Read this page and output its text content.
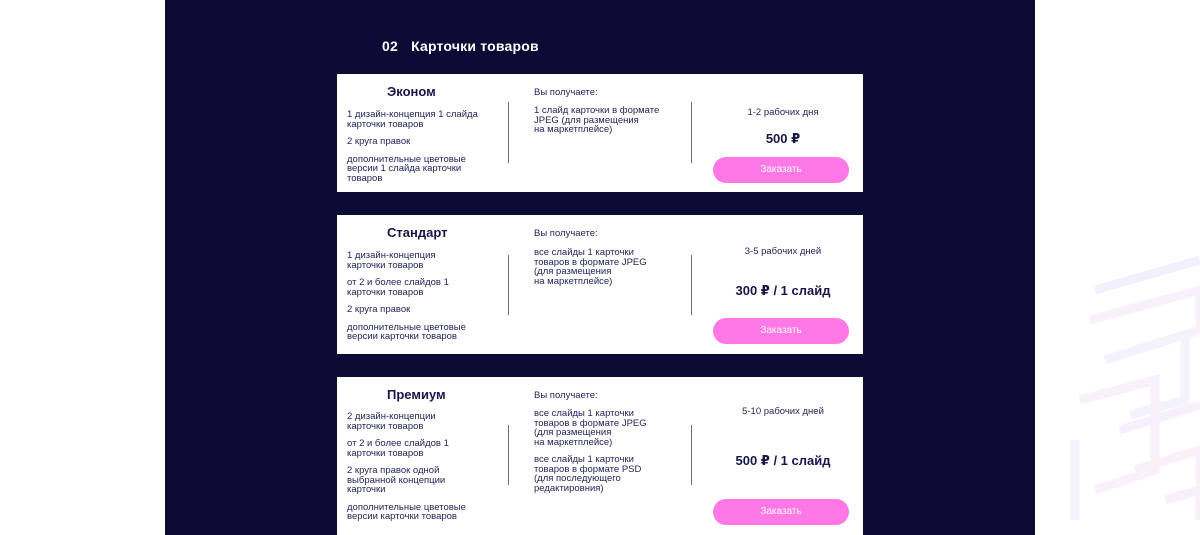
02 Карточки товаров
Эконом
1 дизайн-концепция 1 слайда
карточки товаров
2 круга правок
дополнительные цветовые
версии 1 слайда карточки
товаров
Вы получаете:
1 слайд карточки в формате
JPEG (для размещения
на маркетплейсе)
1-2 рабочих дня
500 ₽
Заказать
Стандарт
1 дизайн-концепция
карточки товаров
от 2 и более слайдов 1
карточки товаров
2 круга правок
дополнительные цветовые
версии карточки товаров
Вы получаете:
все слайды 1 карточки
товаров в формате JPEG
(для размещения
на маркетплейсе)
3-5 рабочих дней
300 ₽ / 1 слайд
Заказать
Премиум
2 дизайн-концепции
карточки товаров
от 2 и более слайдов 1
карточки товаров
2 круга правок одной
выбранной концепции
карточки
дополнительные цветовые
версии карточки товаров
Вы получаете:
все слайды 1 карточки
товаров в формате JPEG
(для размещения
на маркетплейсе)
все слайды 1 карточки
товаров в формате PSD
(для последующего
редактировния)
5-10 рабочих дней
500 ₽ / 1 слайд
Заказать
